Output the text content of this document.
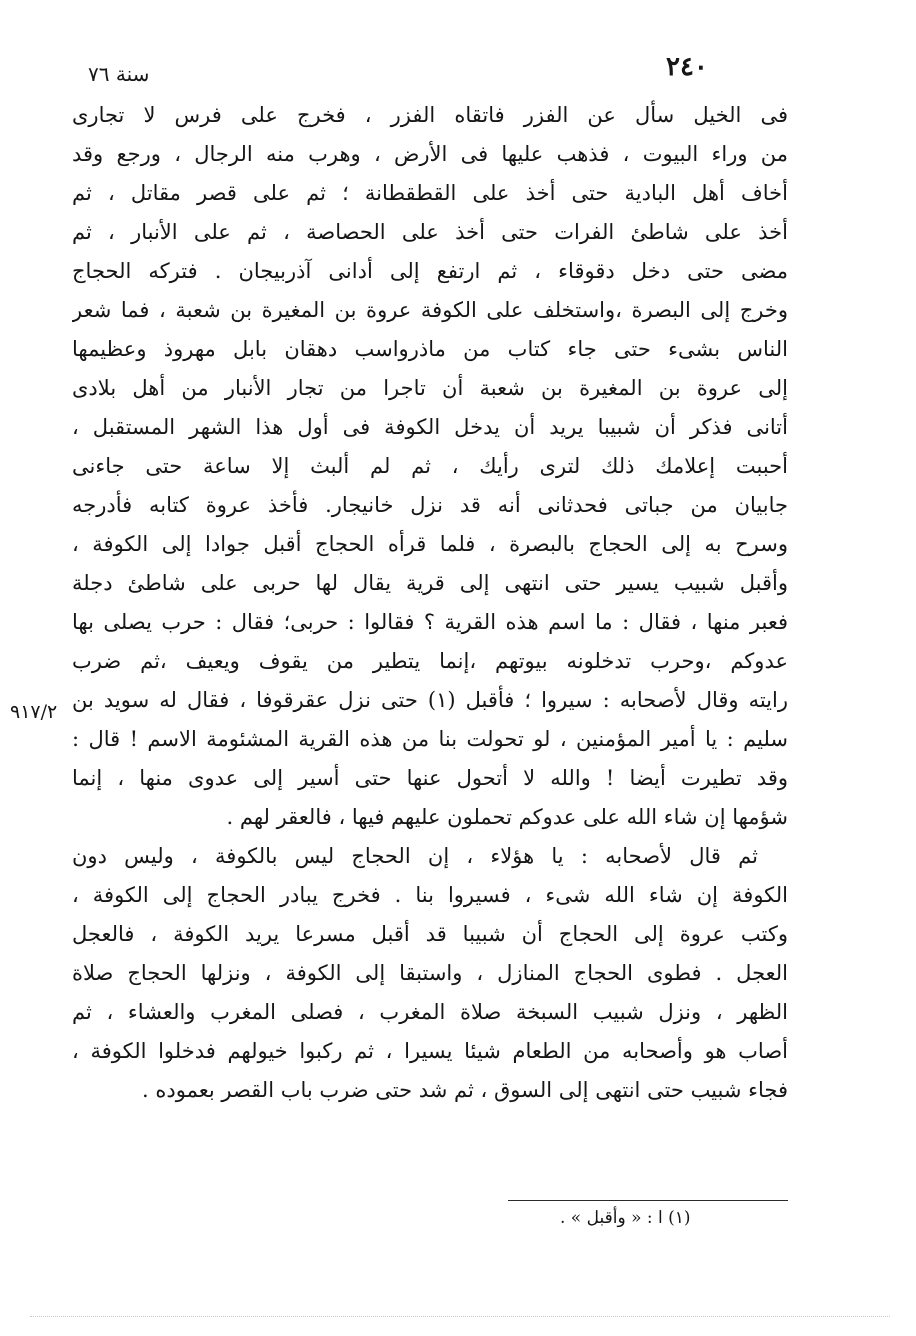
٢٤٠
سنة ٧٦
٩١٧/٢
فى الخيل سأل عن الفزر فاتقاه الفزر ، فخرج على فرس لا تجارى
من وراء البيوت ، فذهب عليها فى الأرض ، وهرب منه الرجال ، ورجع وقد
أخاف أهل البادية حتى أخذ على القطقطانة ؛ ثم على قصر مقاتل ، ثم
أخذ على شاطئ الفرات حتى أخذ على الحصاصة ، ثم على الأنبار ، ثم
مضى حتى دخل دقوقاء ، ثم ارتفع إلى أدانى آذربيجان . فتركه الحجاج
وخرج إلى البصرة ،واستخلف على الكوفة عروة بن المغيرة بن شعبة ، فما شعر
الناس بشىء حتى جاء كتاب من ماذرواسب دهقان بابل مهروذ وعظيمها
إلى عروة بن المغيرة بن شعبة أن تاجرا من تجار الأنبار من أهل بلادى
أتانى فذكر أن شبيبا يريد أن يدخل الكوفة فى أول هذا الشهر المستقبل ،
أحببت إعلامك ذلك لترى رأيك ، ثم لم ألبث إلا ساعة حتى جاءنى
جابيان من جباتى فحدثانى أنه قد نزل خانيجار. فأخذ عروة كتابه فأدرجه
وسرح به إلى الحجاج بالبصرة ، فلما قرأه الحجاج أقبل جوادا إلى الكوفة ،
وأقبل شبيب يسير حتى انتهى إلى قرية يقال لها حربى على شاطئ دجلة
فعبر منها ، فقال : ما اسم هذه القرية ؟ فقالوا : حربى؛ فقال : حرب يصلى بها
عدوكم ،وحرب تدخلونه بيوتهم ،إنما يتطير من يقوف ويعيف ،ثم ضرب
رايته وقال لأصحابه : سيروا ؛ فأقبل (١) حتى نزل عقرقوفا ، فقال له سويد بن
سليم : يا أمير المؤمنين ، لو تحولت بنا من هذه القرية المشئومة الاسم ! قال :
وقد تطيرت أيضا ! والله لا أتحول عنها حتى أسير إلى عدوى منها ، إنما
شؤمها إن شاء الله على عدوكم تحملون عليهم فيها ، فالعقر لهم .
ثم قال لأصحابه : يا هؤلاء ، إن الحجاج ليس بالكوفة ، وليس دون
الكوفة إن شاء الله شىء ، فسيروا بنا . فخرج يبادر الحجاج إلى الكوفة ،
وكتب عروة إلى الحجاج أن شبيبا قد أقبل مسرعا يريد الكوفة ، فالعجل
العجل . فطوى الحجاج المنازل ، واستبقا إلى الكوفة ، ونزلها الحجاج صلاة
الظهر ، ونزل شبيب السبخة صلاة المغرب ، فصلى المغرب والعشاء ، ثم
أصاب هو وأصحابه من الطعام شيئا يسيرا ، ثم ركبوا خيولهم فدخلوا الكوفة ،
فجاء شبيب حتى انتهى إلى السوق ، ثم شد حتى ضرب باب القصر بعموده .
(١) ا : « وأقبل » .
